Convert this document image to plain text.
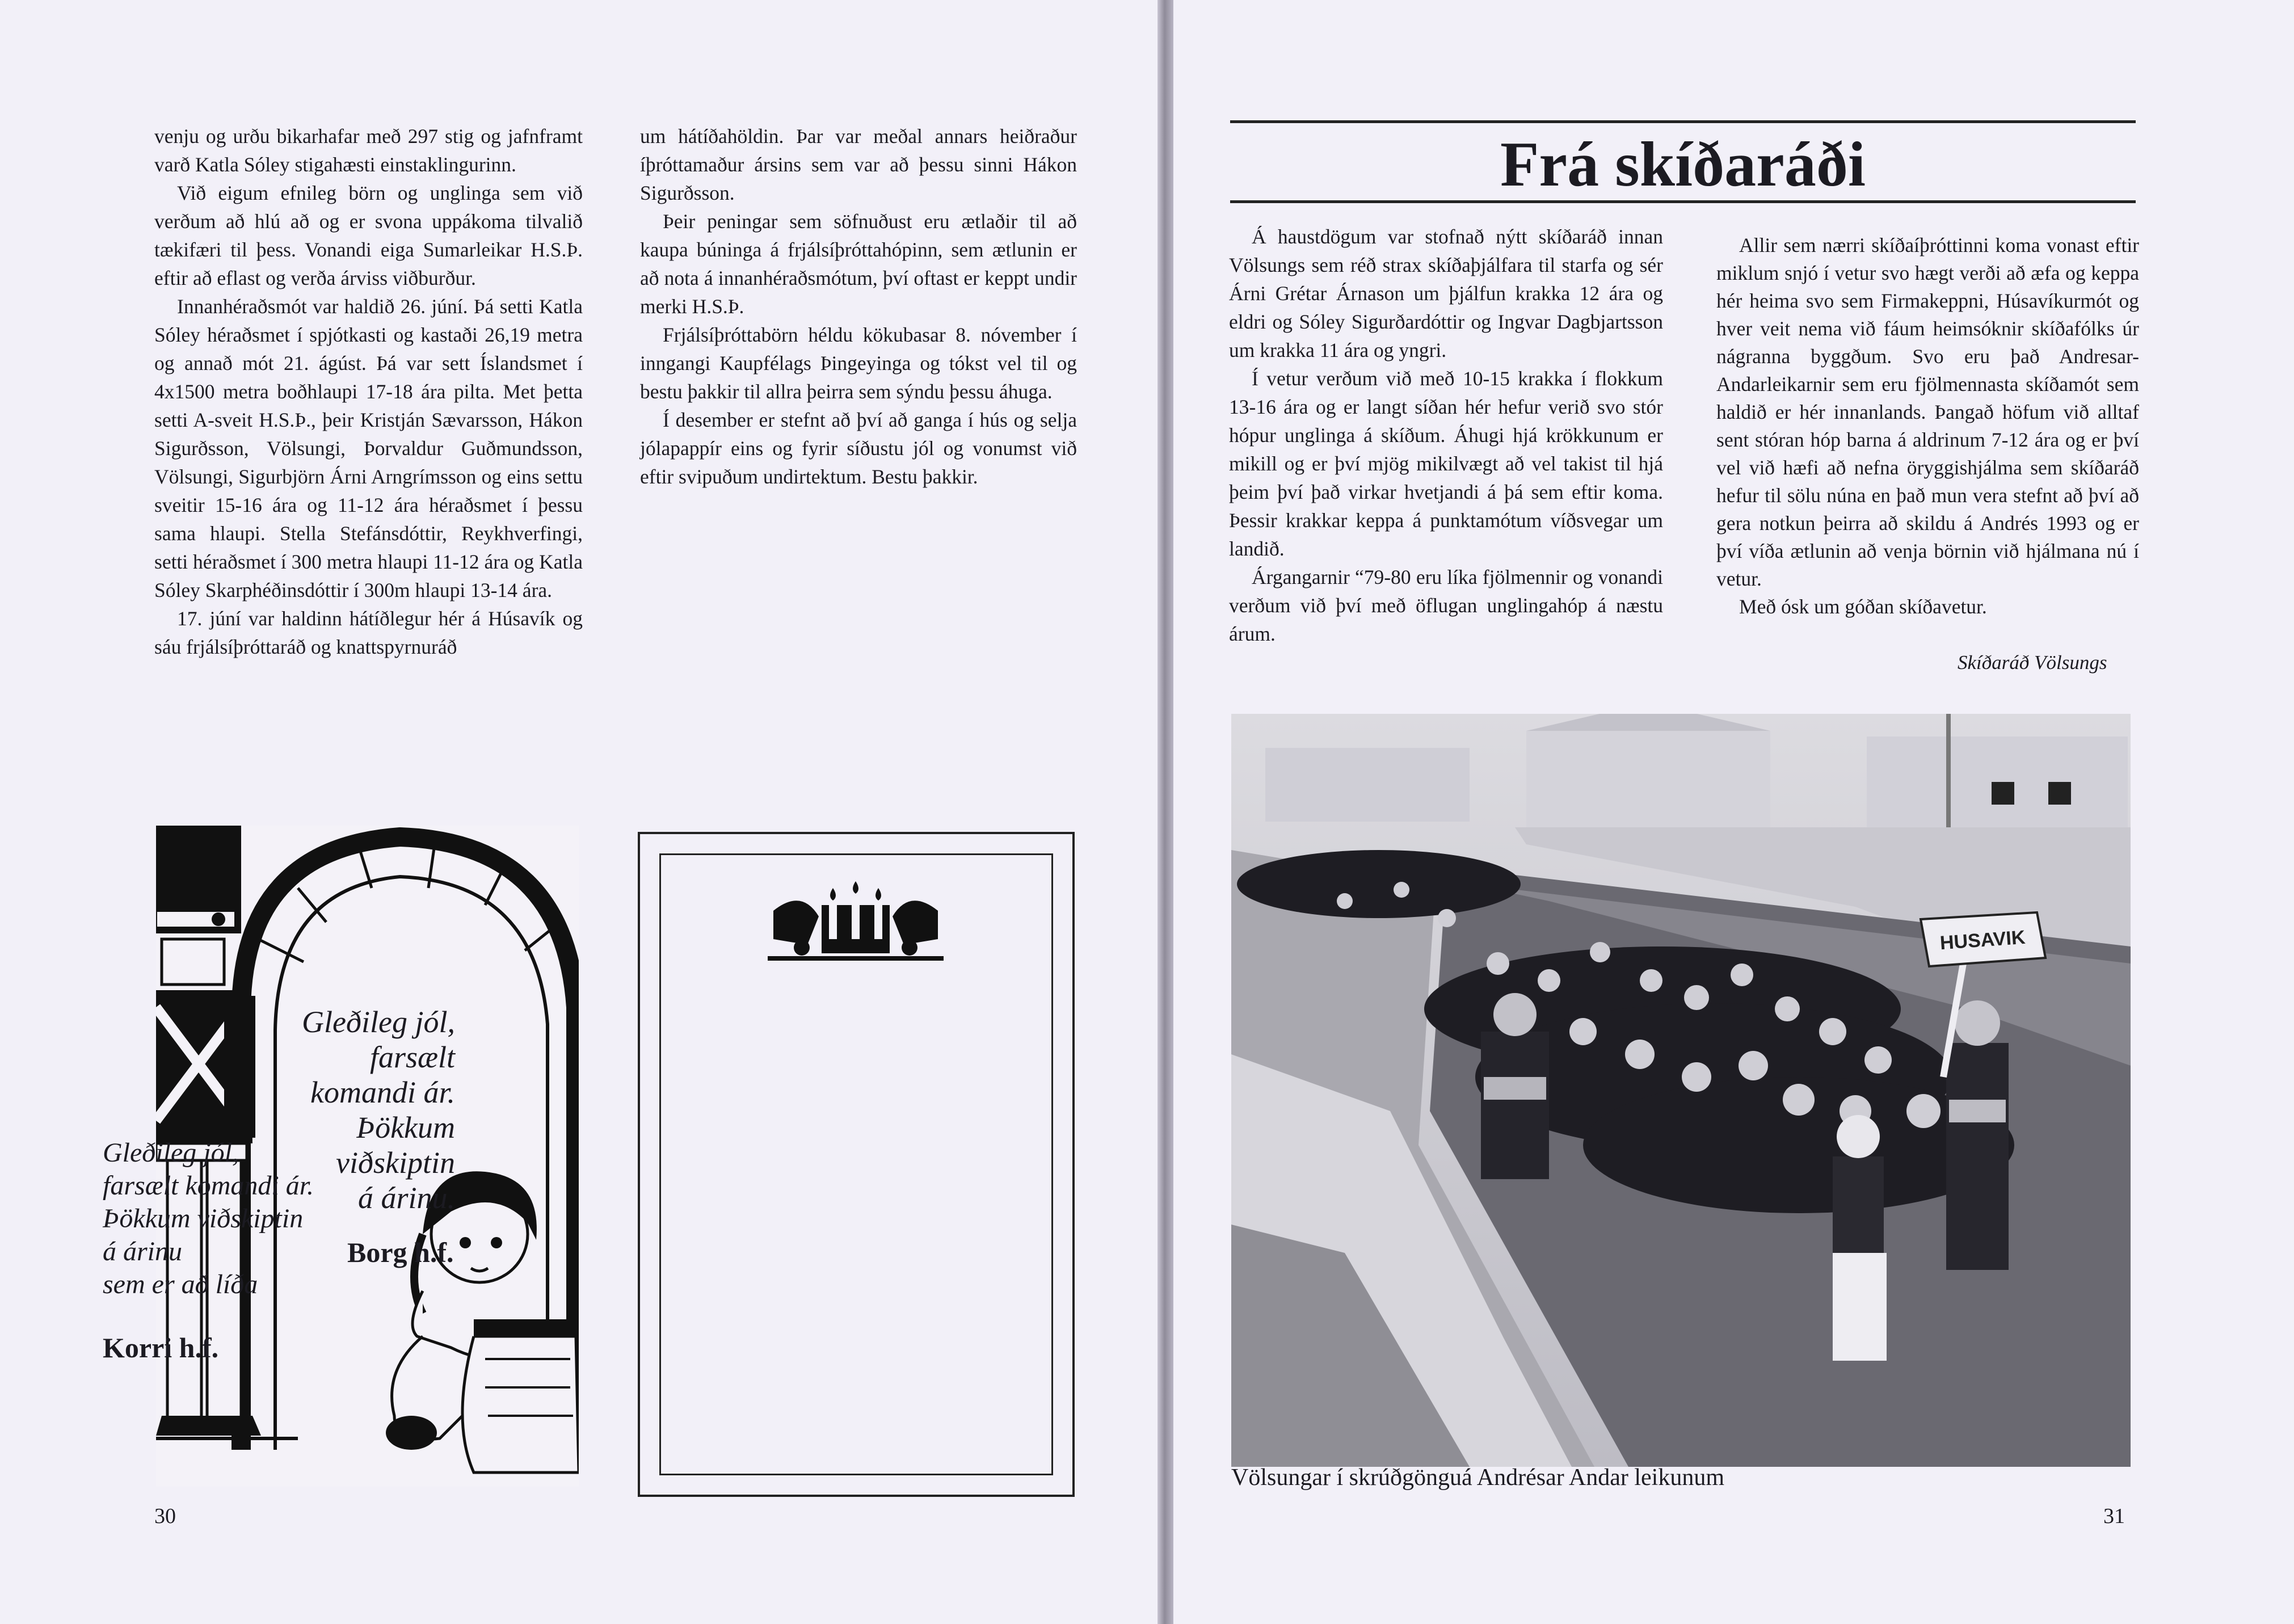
venju og urðu bikarhafar með 297 stig og jafnframt varð Katla Sóley stigahæsti einstaklingurinn.

Við eigum efnileg börn og unglinga sem við verðum að hlú að og er svona uppákoma tilvalið tækifæri til þess. Vonandi eiga Sumarleikar H.S.Þ. eftir að eflast og verða árviss viðburður.

Innanhéraðsmót var haldið 26. júní. Þá setti Katla Sóley héraðsmet í spjótkasti og kastaði 26,19 metra og annað mót 21. ágúst. Þá var sett Íslandsmet í 4x1500 metra boðhlaupi 17-18 ára pilta. Met þetta setti A-sveit H.S.Þ., þeir Kristján Sævarsson, Hákon Sigurðsson, Völsungi, Þorvaldur Guðmundsson, Völsungi, Sigurbjörn Árni Arngrímsson og eins settu sveitir 15-16 ára og 11-12 ára héraðsmet í þessu sama hlaupi. Stella Stefánsdóttir, Reykhverfingi, setti héraðsmet í 300 metra hlaupi 11-12 ára og Katla Sóley Skarphéðinsdóttir í 300m hlaupi 13-14 ára.

17. júní var haldinn hátíðlegur hér á Húsavík og sáu frjálsíþróttaráð og knattspyrnuráð

um hátíðahöldin. Þar var meðal annars heiðraður íþróttamaður ársins sem var að þessu sinni Hákon Sigurðsson.

Þeir peningar sem söfnuðust eru ætlaðir til að kaupa búninga á frjálsíþróttahópinn, sem ætlunin er að nota á innanhéraðsmótum, því oftast er keppt undir merki H.S.Þ.

Frjálsíþróttabörn héldu kökubasar 8. nóvember í inngangi Kaupfélags Þingeyinga og tókst vel til og bestu þakkir til allra þeirra sem sýndu þessu áhuga.

Í desember er stefnt að því að ganga í hús og selja jólapappír eins og fyrir síðustu jól og vonumst við eftir svipuðum undirtektum. Bestu þakkir.

Gleðileg jól,
farsælt
komandi ár.
Þökkum
viðskiptin
á árinu.
Borg h.f.
Gleðileg jól,
farsælt komandi ár.
Þökkum viðskiptin
á árinu
sem er að líða
Korri h.f.
30
Frá skíðaráði

Á haustdögum var stofnað nýtt skíðaráð innan Völsungs sem réð strax skíðaþjálfara til starfa og sér Árni Grétar Árnason um þjálfun krakka 12 ára og eldri og Sóley Sigurðardóttir og Ingvar Dagbjartsson um krakka 11 ára og yngri.

Í vetur verðum við með 10-15 krakka í flokkum 13-16 ára og er langt síðan hér hefur verið svo stór hópur unglinga á skíðum. Áhugi hjá krökkunum er mikill og er því mjög mikilvægt að vel takist til hjá þeim því það virkar hvetjandi á þá sem eftir koma. Þessir krakkar keppa á punktamótum víðsvegar um landið.

Árgangarnir “79-80 eru líka fjölmennir og vonandi verðum við því með öflugan unglingahóp á næstu árum.

Allir sem nærri skíðaíþróttinni koma vonast eftir miklum snjó í vetur svo hægt verði að æfa og keppa hér heima svo sem Firmakeppni, Húsavíkurmót og hver veit nema við fáum heimsóknir skíðafólks úr nágranna byggðum. Svo eru það Andresar-Andarleikarnir sem eru fjölmennasta skíðamót sem haldið er hér innanlands. Þangað höfum við alltaf sent stóran hóp barna á aldrinum 7-12 ára og er því vel við hæfi að nefna öryggishjálma sem skíðaráð hefur til sölu núna en það mun vera stefnt að því að gera notkun þeirra að skildu á Andrés 1993 og er því víða ætlunin að venja börnin við hjálmana nú í vetur.

Með ósk um góðan skíðavetur.

Skíðaráð Völsungs
HUSAVIK
Völsungar í skrúðgönguá Andrésar Andar leikunum
31
